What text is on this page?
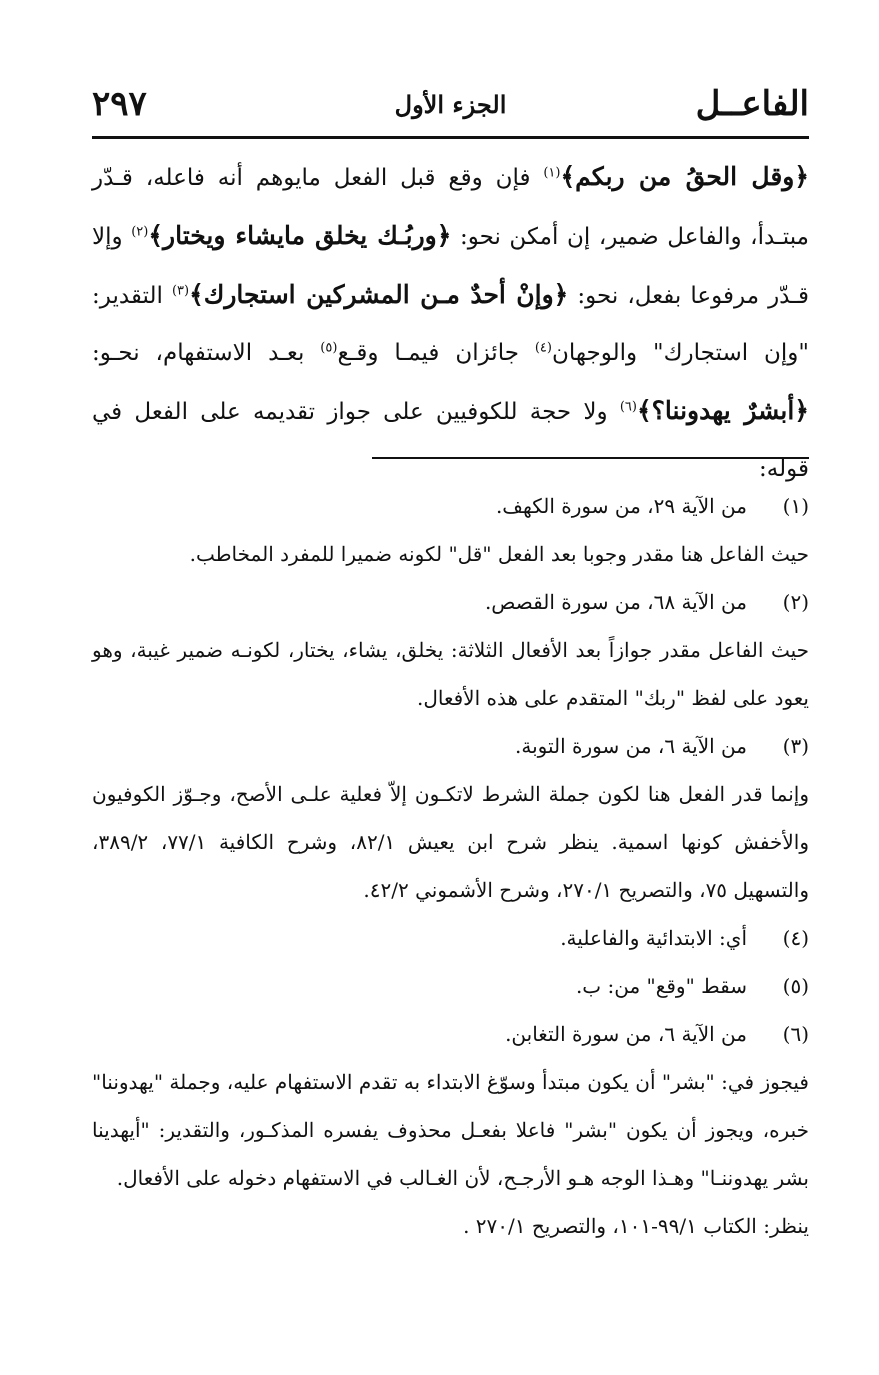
٢٩٧	الجزء الأول	الفاعــل
﴿وقل الحقُ من ربكم﴾$^{(١)}$ فإن وقع قبل الفعل مايوهم أنه فاعله، قـدّر مبتـدأ، والفاعل ضمير، إن أمكن نحو: ﴿وربُـك يخلق مايشاء ويختار﴾$^{(٢)}$ وإلا قـدّر مرفوعا بفعل، نحو: ﴿وإنْ أحدٌ مـن المشركين استجارك﴾$^{(٣)}$ التقدير: "وإن استجارك" والوجهان$^{(٤)}$ جائزان فيمـا وقـع$^{(٥)}$ بعـد الاستفهام، نحـو: ﴿أبشرٌ يهدوننا؟﴾$^{(٦)}$ ولا حجة للكوفيين على جواز تقديمه على الفعل في قوله:
(١)
من الآية ٢٩، من سورة الكهف.
حيث الفاعل هنا مقدر وجوبا بعد الفعل "قل" لكونه ضميرا للمفرد المخاطب.
(٢)
من الآية ٦٨، من سورة القصص.
حيث الفاعل مقدر جوازاً بعد الأفعال الثلاثة: يخلق، يشاء، يختار، لكونـه ضمير غيبة، وهو يعود على لفظ "ربك" المتقدم على هذه الأفعال.
(٣)
من الآية ٦، من سورة التوبة.
وإنما قدر الفعل هنا لكون جملة الشرط لاتكـون إلاّ فعلية علـى الأصح، وجـوّز الكوفيون والأخفش كونها اسمية. ينظر شرح ابن يعيش ٨٢/١، وشرح الكافية ٧٧/١، ٣٨٩/٢، والتسهيل ٧٥، والتصريح ٢٧٠/١، وشرح الأشموني ٤٢/٢.
(٤)
أي: الابتدائية والفاعلية.
(٥)
سقط "وقع" من: ب.
(٦)
من الآية ٦، من سورة التغابن.
فيجوز في: "بشر" أن يكون مبتدأ وسوّغ الابتداء به تقدم الاستفهام عليه، وجملة "يهدوننا" خبره، ويجوز أن يكون "بشر" فاعلا بفعـل محذوف يفسره المذكـور، والتقدير: "أيهدينا بشر يهدوننـا" وهـذا الوجه هـو الأرجـح، لأن الغـالب في الاستفهام دخوله على الأفعال.
ينظر: الكتاب ٩٩/١-١٠١، والتصريح ٢٧٠/١ .
